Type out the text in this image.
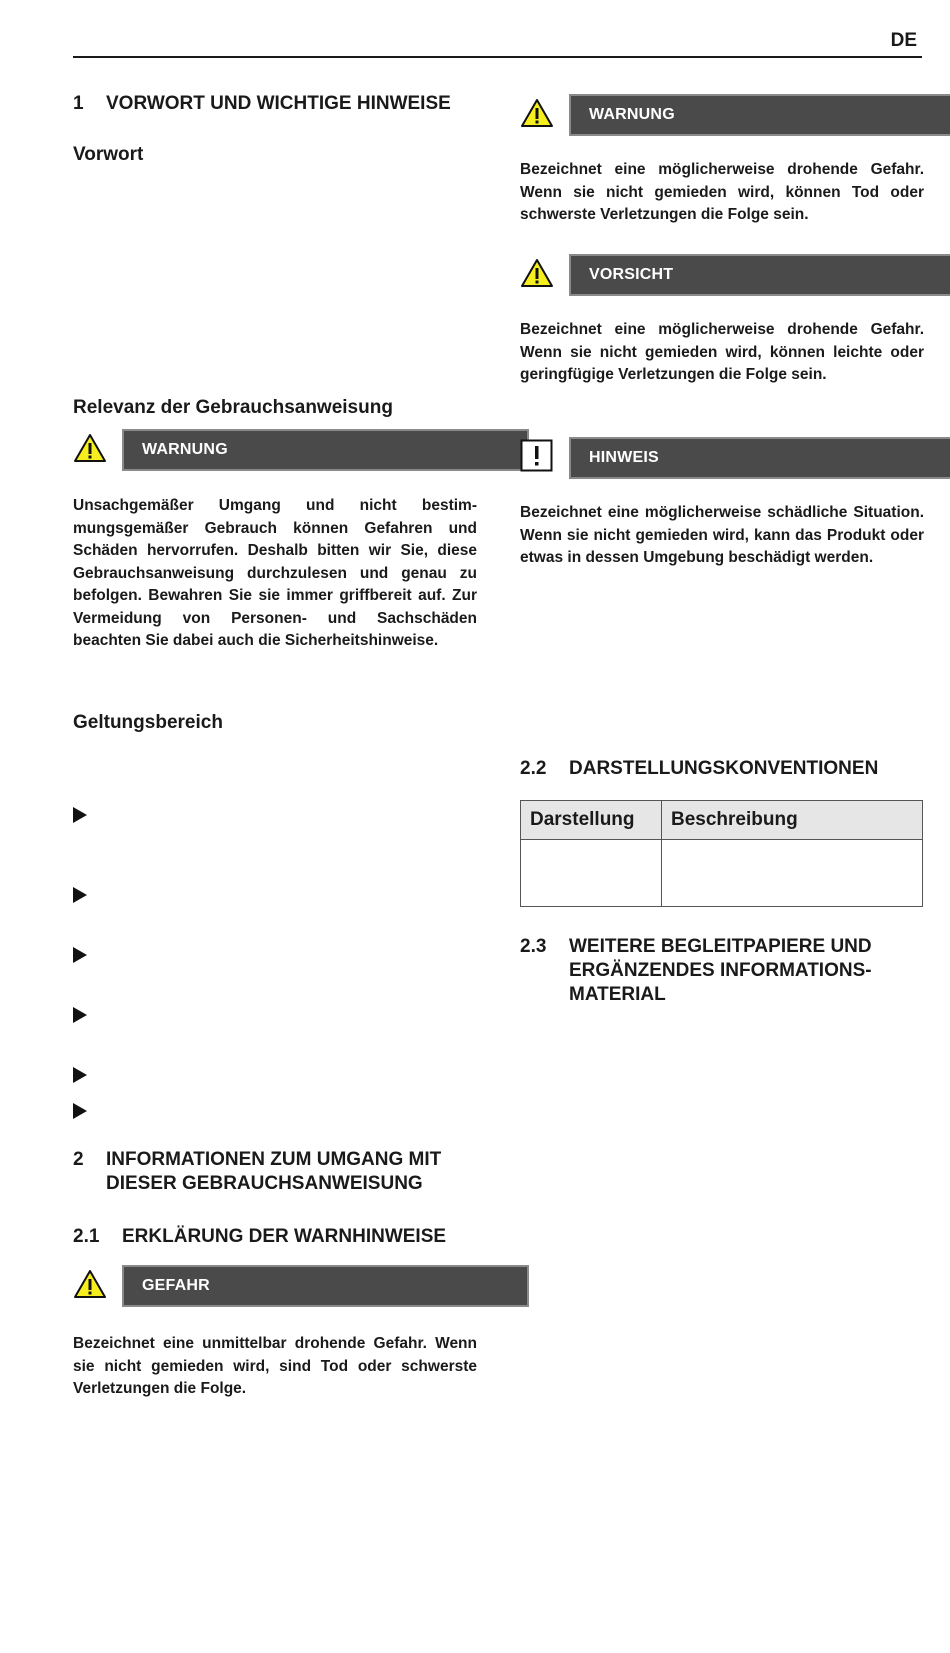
DE
1 VORWORT UND WICHTIGE HINWEISE
Vorwort
Relevanz der Gebrauchsanweisung
WARNUNG

Unsachgemäßer Umgang und nicht bestim-mungsgemäßer Gebrauch können Gefahren und Schäden hervorrufen. Deshalb bitten wir Sie, diese Gebrauchsanweisung durchzulesen und genau zu befolgen. Bewahren Sie sie immer griffbereit auf. Zur Vermeidung von Personen- und Sachschäden beachten Sie dabei auch die Sicherheitshinweise.

Geltungsbereich
2 INFORMATIONEN ZUM UMGANG MIT
DIESER GEBRAUCHSANWEISUNG
2.1 ERKLÄRUNG DER WARNHINWEISE
GEFAHR

Bezeichnet eine unmittelbar drohende Gefahr. Wenn sie nicht gemieden wird, sind Tod oder schwerste Verletzungen die Folge.

WARNUNG

Bezeichnet eine möglicherweise drohende Gefahr. Wenn sie nicht gemieden wird, können Tod oder schwerste Verletzungen die Folge sein.

VORSICHT

Bezeichnet eine möglicherweise drohende Gefahr. Wenn sie nicht gemieden wird, können leichte oder geringfügige Verletzungen die Folge sein.

HINWEIS

Bezeichnet eine möglicherweise schädliche Situation. Wenn sie nicht gemieden wird, kann das Produkt oder etwas in dessen Umgebung beschädigt werden.

2.2 DARSTELLUNGSKONVENTIONEN
Darstellung	Beschreibung

2.3 WEITERE BEGLEITPAPIERE UND
ERGÄNZENDES INFORMATIONS-
MATERIAL
